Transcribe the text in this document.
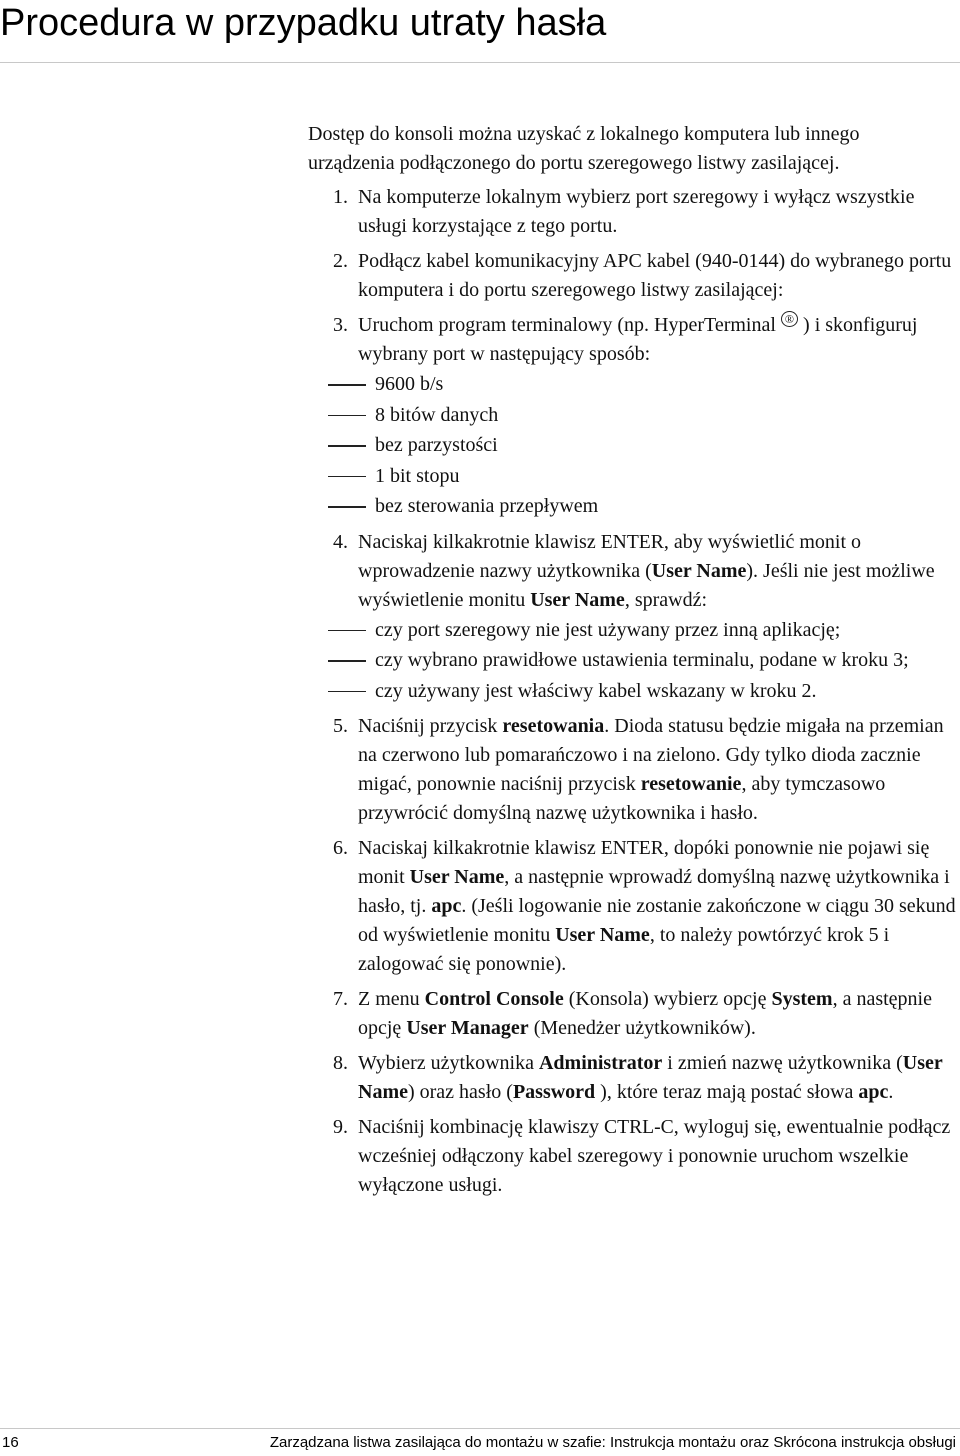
Procedura w przypadku utraty hasła
Dostęp do konsoli można uzyskać z lokalnego komputera lub innego urządzenia podłączonego do portu szeregowego listwy zasilającej.
1. Na komputerze lokalnym wybierz port szeregowy i wyłącz wszystkie usługi korzystające z tego portu.
2. Podłącz kabel komunikacyjny APC kabel (940-0144) do wybranego portu komputera i do portu szeregowego listwy zasilającej:
3. Uruchom program terminalowy (np. HyperTerminal ® ) i skonfiguruj wybrany port w następujący sposób:
9600 b/s
8 bitów danych
bez parzystości
1 bit stopu
bez sterowania przepływem
4. Naciskaj kilkakrotnie klawisz ENTER, aby wyświetlić monit o wprowadzenie nazwy użytkownika (User Name). Jeśli nie jest możliwe wyświetlenie monitu User Name, sprawdź:
czy port szeregowy nie jest używany przez inną aplikację;
czy wybrano prawidłowe ustawienia terminalu, podane w kroku 3;
czy używany jest właściwy kabel wskazany w kroku 2.
5. Naciśnij przycisk resetowania. Dioda statusu będzie migała na przemian na czerwono lub pomarańczowo i na zielono. Gdy tylko dioda zacznie migać, ponownie naciśnij przycisk resetowanie, aby tymczasowo przywrócić domyślną nazwę użytkownika i hasło.
6. Naciskaj kilkakrotnie klawisz ENTER, dopóki ponownie nie pojawi się monit User Name, a następnie wprowadź domyślną nazwę użytkownika i hasło, tj. apc. (Jeśli logowanie nie zostanie zakończone w ciągu 30 sekund od wyświetlenie monitu User Name, to należy powtórzyć krok 5 i zalogować się ponownie).
7. Z menu Control Console (Konsola) wybierz opcję System, a następnie opcję User Manager (Menedżer użytkowników).
8. Wybierz użytkownika Administrator i zmień nazwę użytkownika (User Name) oraz hasło (Password ), które teraz mają postać słowa apc.
9. Naciśnij kombinację klawiszy CTRL-C, wyloguj się, ewentualnie podłącz wcześniej odłączony kabel szeregowy i ponownie uruchom wszelkie wyłączone usługi.
16	Zarządzana listwa zasilająca do montażu w szafie: Instrukcja montażu oraz Skrócona instrukcja obsługi
